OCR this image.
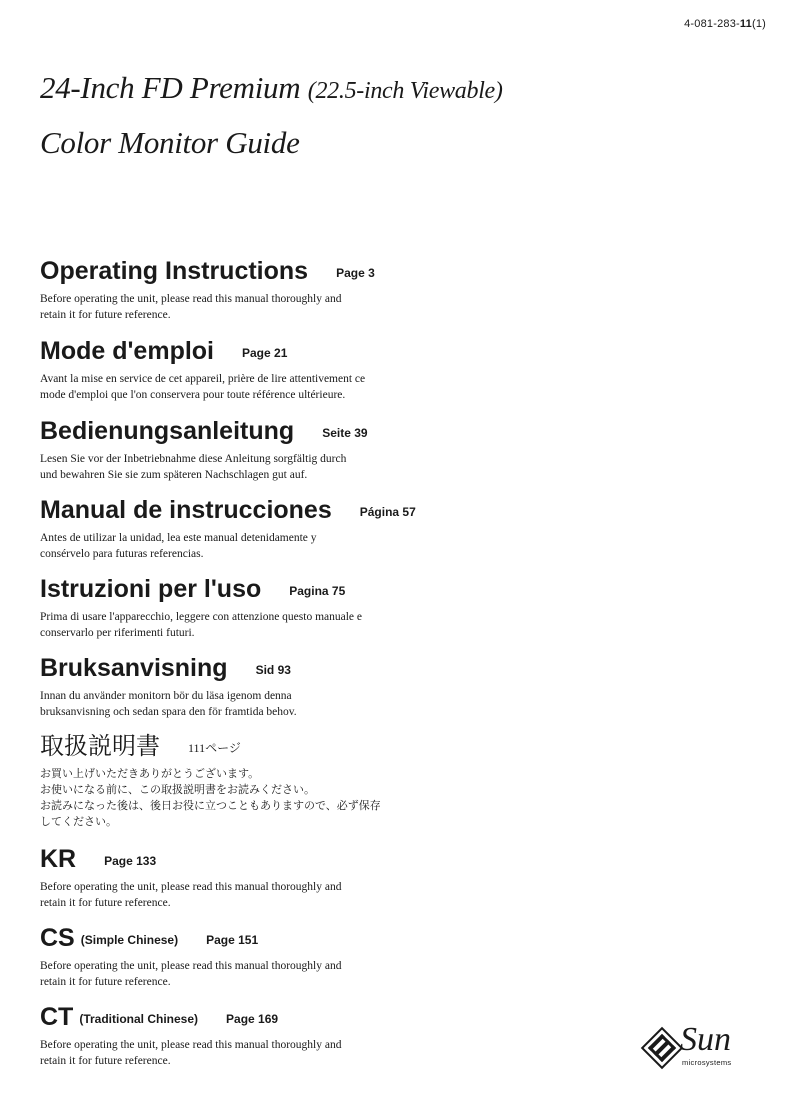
4-081-283-11(1)
24-Inch FD Premium (22.5-inch Viewable)
Color Monitor Guide
Operating Instructions Page 3
Before operating the unit, please read this manual thoroughly and
retain it for future reference.
Mode d'emploi Page 21
Avant la mise en service de cet appareil, prière de lire attentivement ce
mode d'emploi que l'on conservera pour toute référence ultérieure.
Bedienungsanleitung Seite 39
Lesen Sie vor der Inbetriebnahme diese Anleitung sorgfältig durch
und bewahren Sie sie zum späteren Nachschlagen gut auf.
Manual de instrucciones Página 57
Antes de utilizar la unidad, lea este manual detenidamente y
consérvelo para futuras referencias.
Istruzioni per l'uso Pagina 75
Prima di usare l'apparecchio, leggere con attenzione questo manuale e
conservarlo per riferimenti futuri.
Bruksanvisning Sid 93
Innan du använder monitorn bör du läsa igenom denna
bruksanvisning och sedan spara den för framtida behov.
取扱説明書 111ページ
お買い上げいただきありがとうございます。
お使いになる前に、この取扱説明書をお読みください。
お読みになった後は、後日お役に立つこともありますので、必ず保存
してください。
KR Page 133
Before operating the unit, please read this manual thoroughly and
retain it for future reference.
CS (Simple Chinese) Page 151
Before operating the unit, please read this manual thoroughly and
retain it for future reference.
CT (Traditional Chinese) Page 169
Before operating the unit, please read this manual thoroughly and
retain it for future reference.
Sun
microsystems
